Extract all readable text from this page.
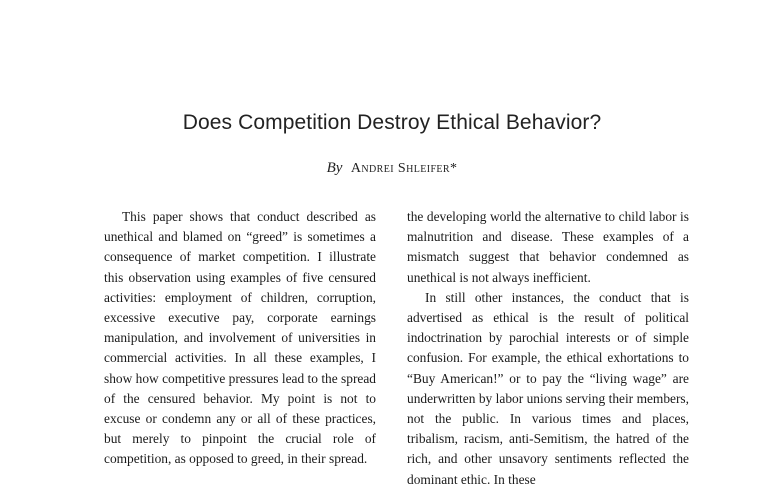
Does Competition Destroy Ethical Behavior?
By Andrei Shleifer*

This paper shows that conduct described as unethical and blamed on “greed” is sometimes a consequence of market competition. I illustrate this observation using examples of five censured activities: employment of children, corruption, excessive executive pay, corporate earnings manipulation, and involvement of universities in commercial activities. In all these examples, I show how competitive pressures lead to the spread of the censured behavior. My point is not to excuse or condemn any or all of these practices, but merely to pinpoint the crucial role of competition, as opposed to greed, in their spread.

the developing world the alternative to child labor is malnutrition and disease. These examples of a mismatch suggest that behavior condemned as unethical is not always inefficient.

In still other instances, the conduct that is advertised as ethical is the result of political indoctrination by parochial interests or of simple confusion. For example, the ethical exhortations to “Buy American!” or to pay the “living wage” are underwritten by labor unions serving their members, not the public. In various times and places, tribalism, racism, anti-Semitism, the hatred of the rich, and other unsavory sentiments reflected the dominant ethic. In these
